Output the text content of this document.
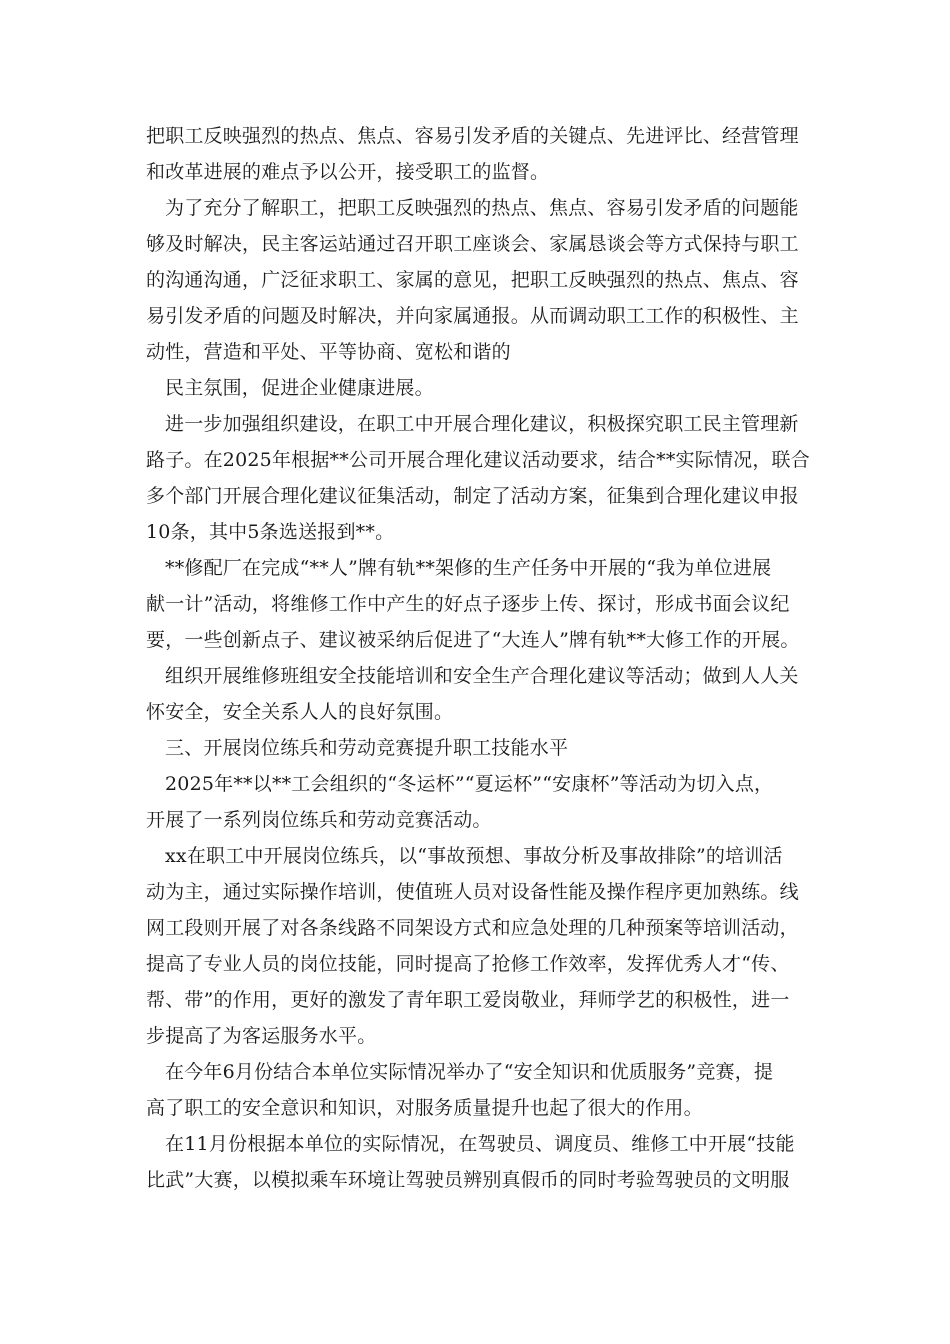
把职工反映强烈的热点、焦点、容易引发矛盾的关键点、先进评比、经营管理
和改革进展的难点予以公开，接受职工的监督。
为了充分了解职工，把职工反映强烈的热点、焦点、容易引发矛盾的问题能
够及时解决，民主客运站通过召开职工座谈会、家属恳谈会等方式保持与职工
的沟通沟通，广泛征求职工、家属的意见，把职工反映强烈的热点、焦点、容
易引发矛盾的问题及时解决，并向家属通报。从而调动职工工作的积极性、主
动性，营造和平处、平等协商、宽松和谐的
民主氛围，促进企业健康进展。
进一步加强组织建设，在职工中开展合理化建议，积极探究职工民主管理新
路子。在2025年根据**公司开展合理化建议活动要求，结合**实际情况，联合
多个部门开展合理化建议征集活动，制定了活动方案，征集到合理化建议申报
10条，其中5条选送报到**。
**修配厂在完成“**人”牌有轨**架修的生产任务中开展的“我为单位进展
献一计”活动，将维修工作中产生的好点子逐步上传、探讨，形成书面会议纪
要，一些创新点子、建议被采纳后促进了“大连人”牌有轨**大修工作的开展。
组织开展维修班组安全技能培训和安全生产合理化建议等活动；做到人人关
怀安全，安全关系人人的良好氛围。
三、开展岗位练兵和劳动竞赛提升职工技能水平
2025年**以**工会组织的“冬运杯”“夏运杯”“安康杯”等活动为切入点，
开展了一系列岗位练兵和劳动竞赛活动。
xx在职工中开展岗位练兵，以“事故预想、事故分析及事故排除”的培训活
动为主，通过实际操作培训，使值班人员对设备性能及操作程序更加熟练。线
网工段则开展了对各条线路不同架设方式和应急处理的几种预案等培训活动，
提高了专业人员的岗位技能，同时提高了抢修工作效率，发挥优秀人才“传、
帮、带”的作用，更好的激发了青年职工爱岗敬业，拜师学艺的积极性，进一
步提高了为客运服务水平。
在今年6月份结合本单位实际情况举办了“安全知识和优质服务”竞赛，提
高了职工的安全意识和知识，对服务质量提升也起了很大的作用。
在11月份根据本单位的实际情况，在驾驶员、调度员、维修工中开展“技能
比武”大赛，以模拟乘车环境让驾驶员辨别真假币的同时考验驾驶员的文明服
